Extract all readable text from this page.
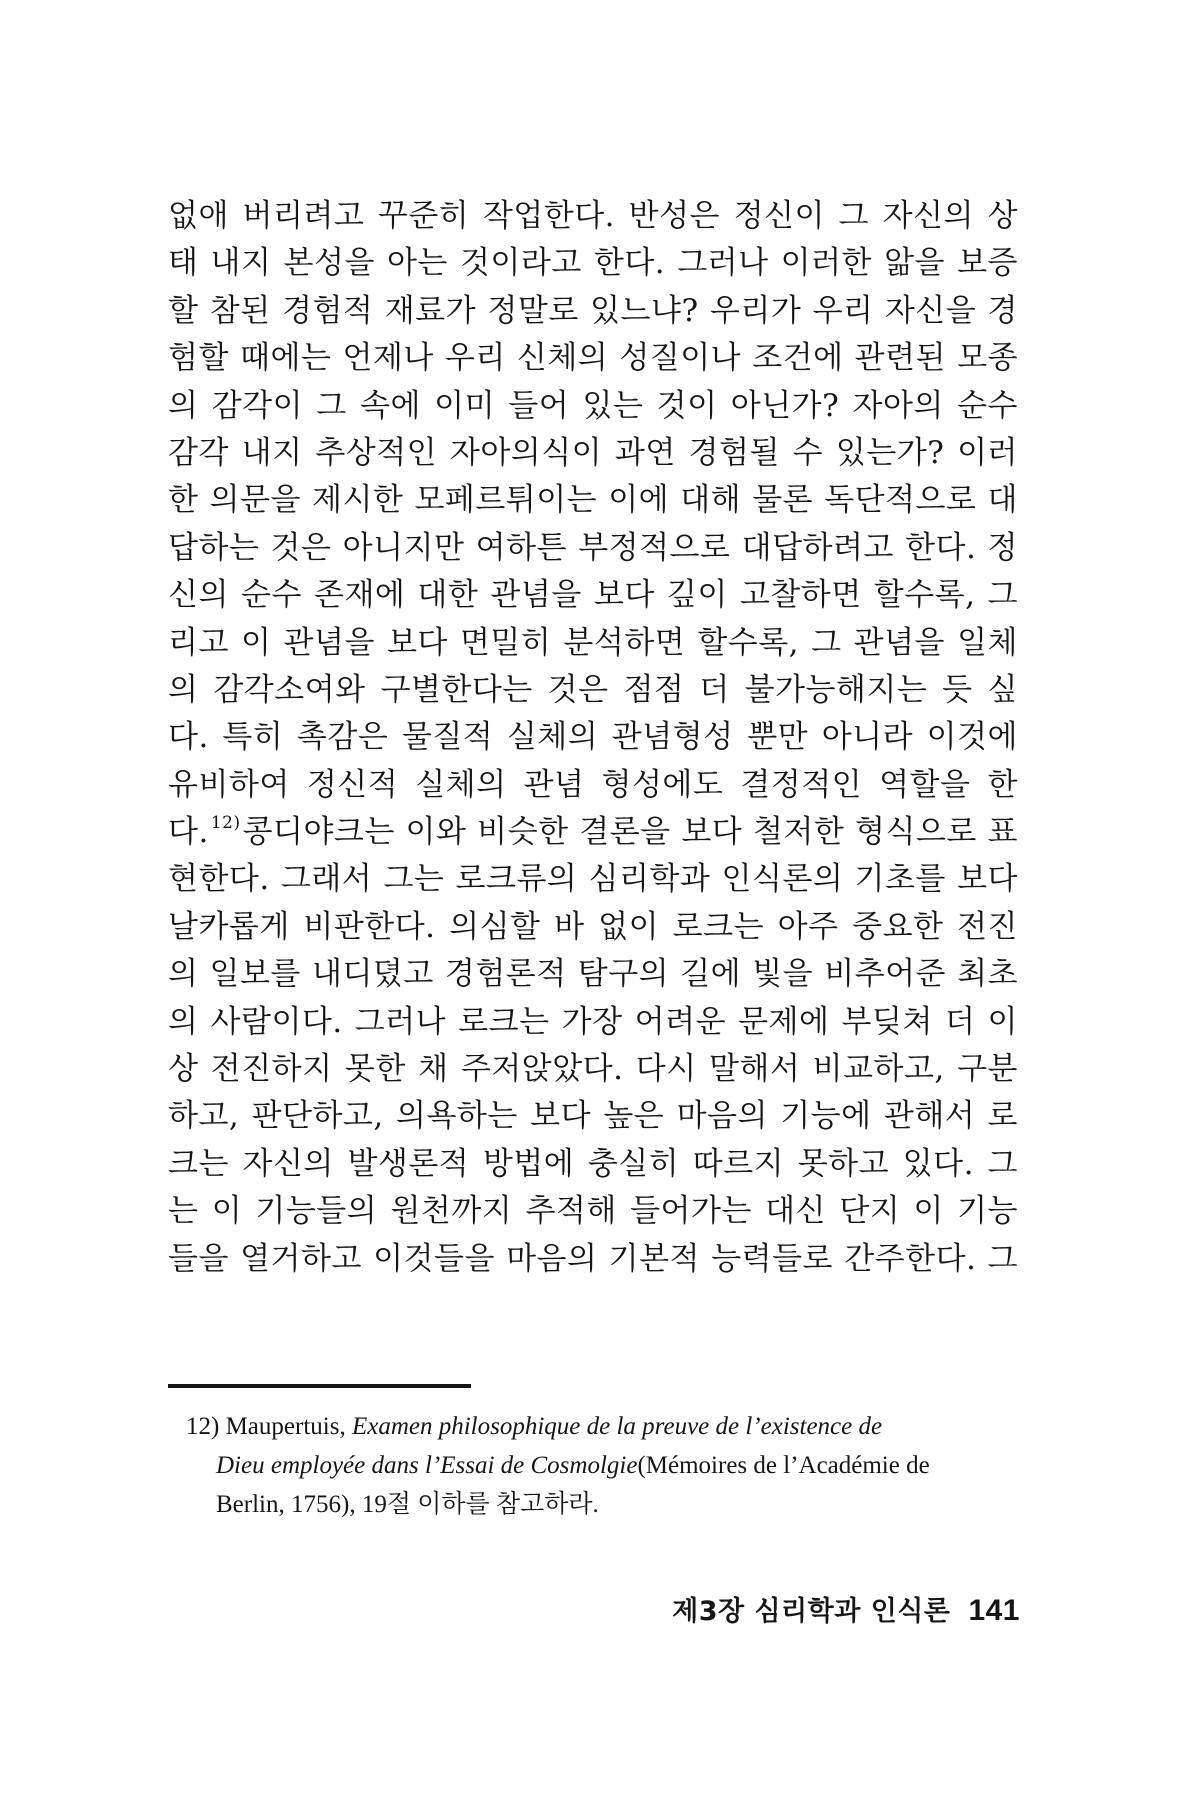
없애 버리려고 꾸준히 작업한다. 반성은 정신이 그 자신의 상
태 내지 본성을 아는 것이라고 한다. 그러나 이러한 앎을 보증
할 참된 경험적 재료가 정말로 있느냐? 우리가 우리 자신을 경
험할 때에는 언제나 우리 신체의 성질이나 조건에 관련된 모종
의 감각이 그 속에 이미 들어 있는 것이 아닌가? 자아의 순수
감각 내지 추상적인 자아의식이 과연 경험될 수 있는가? 이러
한 의문을 제시한 모페르튀이는 이에 대해 물론 독단적으로 대
답하는 것은 아니지만 여하튼 부정적으로 대답하려고 한다. 정
신의 순수 존재에 대한 관념을 보다 깊이 고찰하면 할수록, 그
리고 이 관념을 보다 면밀히 분석하면 할수록, 그 관념을 일체
의 감각소여와 구별한다는 것은 점점 더 불가능해지는 듯 싶
다. 특히 촉감은 물질적 실체의 관념형성 뿐만 아니라 이것에
유비하여 정신적 실체의 관념 형성에도 결정적인 역할을 한
다. $^{12)}$콩디야크는 이와 비슷한 결론을 보다 철저한 형식으로 표
현한다. 그래서 그는 로크류의 심리학과 인식론의 기초를 보다
날카롭게 비판한다. 의심할 바 없이 로크는 아주 중요한 전진
의 일보를 내디뎠고 경험론적 탐구의 길에 빛을 비추어준 최초
의 사람이다. 그러나 로크는 가장 어려운 문제에 부딪쳐 더 이
상 전진하지 못한 채 주저앉았다. 다시 말해서 비교하고, 구분
하고, 판단하고, 의욕하는 보다 높은 마음의 기능에 관해서 로
크는 자신의 발생론적 방법에 충실히 따르지 못하고 있다. 그
는 이 기능들의 원천까지 추적해 들어가는 대신 단지 이 기능
들을 열거하고 이것들을 마음의 기본적 능력들로 간주한다. 그
12) Maupertuis, Examen philosophique de la preuve de l’existence de
Dieu employée dans l’Essai de Cosmolgie(Mémoires de l’Académie de
Berlin, 1756), 19절 이하를 참고하라.
제3장 심리학과 인식론 141
